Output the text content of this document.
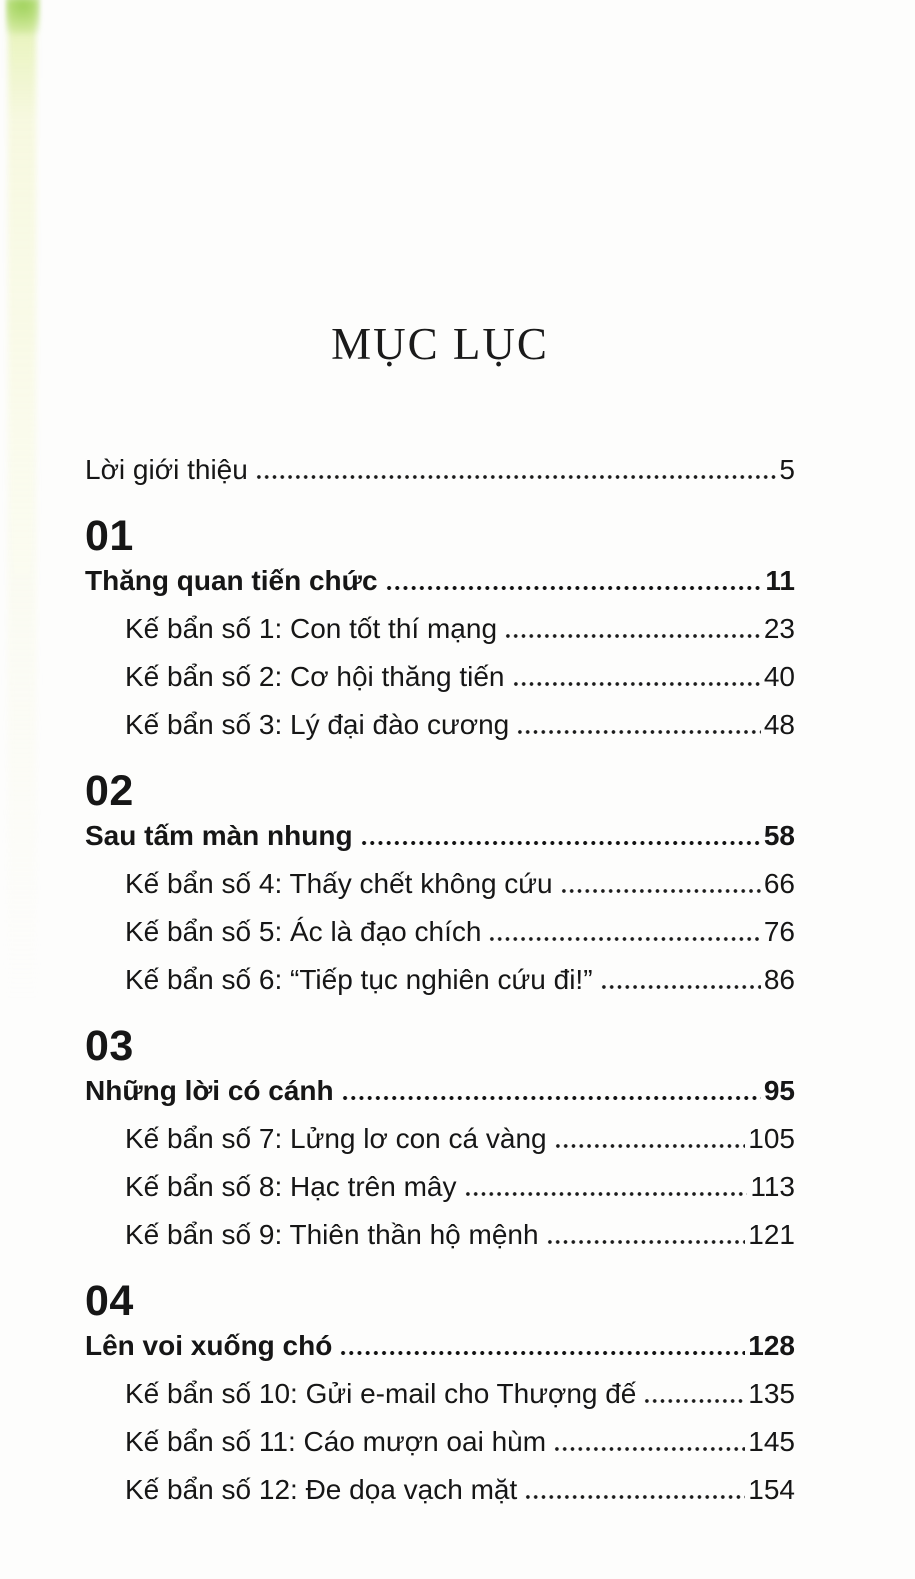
MỤC LỤC
Lời giới thiệu	5
01
Thăng quan tiến chức	11
Kế bẩn số 1: Con tốt thí mạng	23
Kế bẩn số 2: Cơ hội thăng tiến	40
Kế bẩn số 3: Lý đại đào cương	48
02
Sau tấm màn nhung	58
Kế bẩn số 4: Thấy chết không cứu	66
Kế bẩn số 5: Ác là đạo chích	76
Kế bẩn số 6: “Tiếp tục nghiên cứu đi!”	86
03
Những lời có cánh	95
Kế bẩn số 7: Lửng lơ con cá vàng	105
Kế bẩn số 8: Hạc trên mây	113
Kế bẩn số 9: Thiên thần hộ mệnh	121
04
Lên voi xuống chó	128
Kế bẩn số 10: Gửi e-mail cho Thượng đế	135
Kế bẩn số 11: Cáo mượn oai hùm	145
Kế bẩn số 12: Đe dọa vạch mặt	154
